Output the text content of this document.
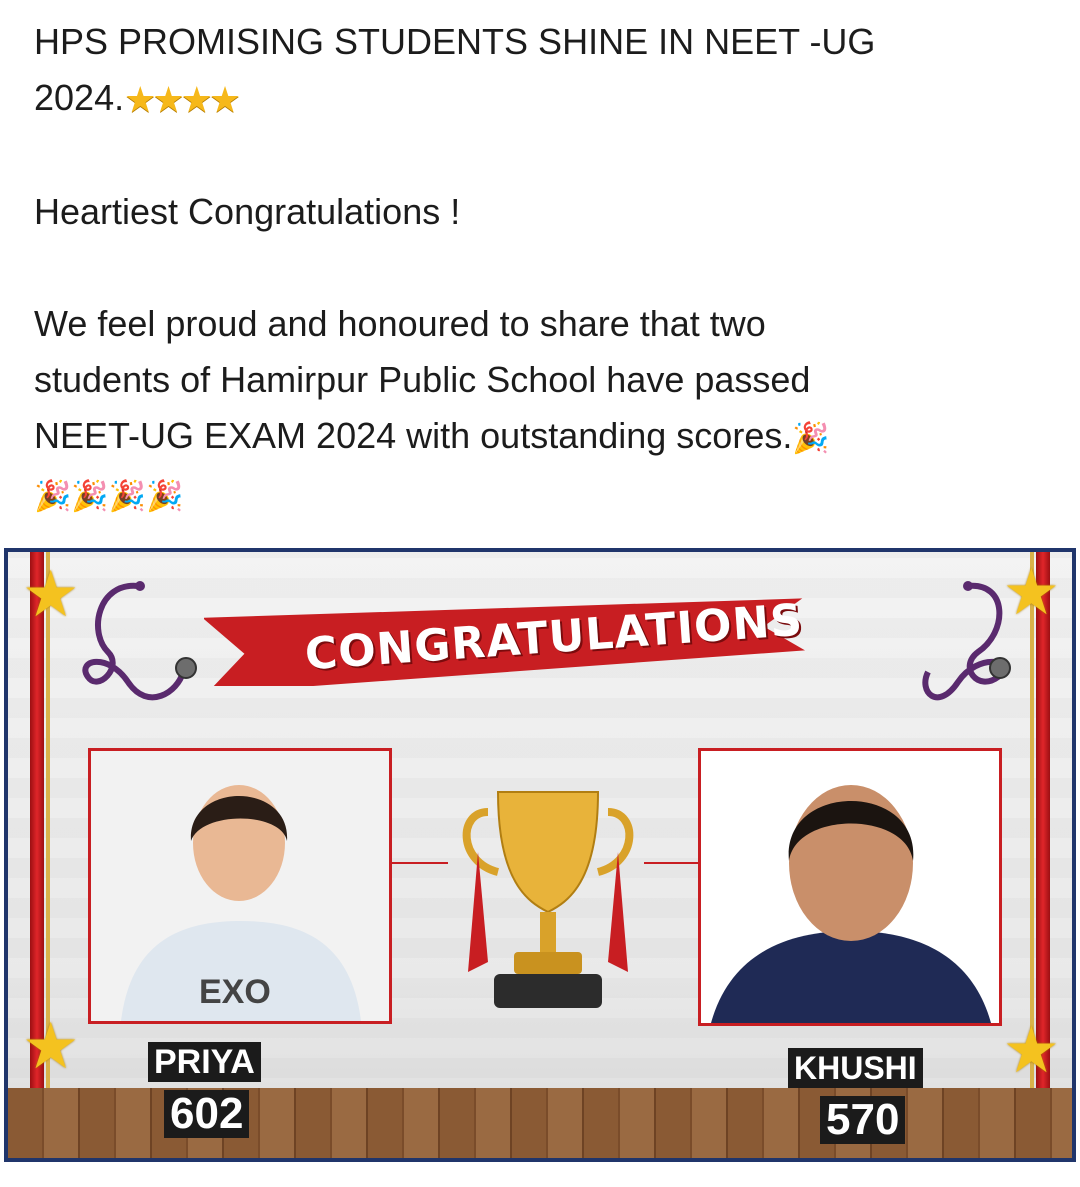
HPS PROMISING STUDENTS SHINE IN NEET -UG

2024.★★★★

Heartiest Congratulations !

We feel proud and honoured to share that two

students of Hamirpur Public School have passed

NEET-UG EXAM 2024 with outstanding scores.🎉

🎉🎉🎉🎉

★	★
★	★
CONGRATULATIONS
EXO
PRIYA
602
KHUSHI
570
